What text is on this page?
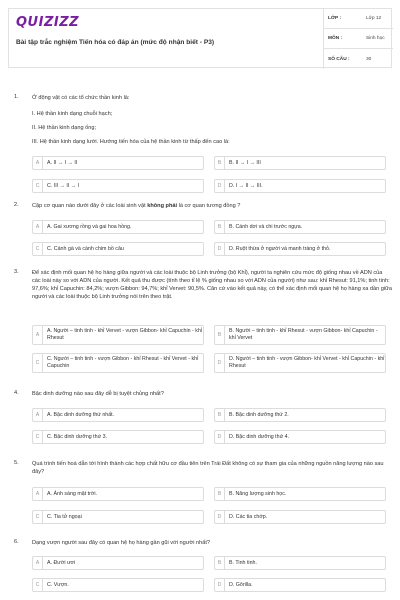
QUIZIZZ
Bài tập trắc nghiệm Tiến hóa có đáp án (mức độ nhận biết - P3)
LỚP :	Lớp 12
MÔN :	Sinh học
SỐ CÂU :	30
1. Ở động vật có các tổ chức thần kinh là:
I. Hệ thần kinh dạng chuỗi hạch;
II. Hệ thần kinh dạng ống;
III. Hệ thần kinh dạng lưới. Hướng tiến hóa của hệ thần kinh từ thấp đến cao là:
A	A. II → I → II	B	B. II → I → III
C	C. III → II → I	D	D. I → II → III.
2. Cặp cơ quan nào dưới đây ở các loài sinh vật không phải là cơ quan tương đồng ?
A	A. Gai xương rồng và gai hoa hồng.	B	B. Cánh dơi và chi trước ngựa.
C	C. Cánh gà và cánh chim bồ câu	D	D. Ruột thừa ở người và manh tràng ở thỏ.
3. Để xác định mối quan hệ họ hàng giữa người và các loài thuộc bộ Linh trưởng (bộ Khỉ), người ta nghiên cứu mức độ giống nhau về ADN của các loài này so với ADN của người. Kết quả thu được (tính theo tỉ lệ % giống nhau so với ADN của người) như sau: khỉ Rhesut: 91,1%; tinh tinh: 97,6%; khỉ Capuchin: 84,2%; vượn Gibbon: 94,7%; khỉ Vervet: 90,5%. Căn cứ vào kết quả này, có thể xác định mối quan hệ họ hàng xa dần giữa người và các loài thuộc bộ Linh trưởng nói trên theo trật.
A
A. Người – tinh tinh - khỉ Vervet - vượn Gibbon- khỉ Capuchin - khỉ Rhesut	B
B. Người – tinh tinh - khỉ Rhesut - vượn Gibbon- khỉ Capuchin - khỉ Vervet
C
C. Người – tinh tinh - vượn Gibbon - khỉ Rhesut - khỉ Vervet - khỉ Capuchin	D
D. Người – tinh tinh - vượn Gibbon- khỉ Vervet - khỉ Capuchin - khỉ Rhesut
4. Bậc dinh dưỡng nào sau đây dễ bị tuyệt chủng nhất?
A	A. Bậc dinh dưỡng thứ nhất.	B	B. Bậc dinh dưỡng thứ 2.
C	C. Bậc dinh dưỡng thứ 3.	D	D. Bậc dinh dưỡng thứ 4.
5. Quá trình tiến hoá dẫn tới hình thành các hợp chất hữu cơ đầu tiên trên Trái Đất không có sự tham gia của những nguồn năng lượng nào sau đây?
A	A. Ánh sáng mặt trời.	B	B. Năng lượng sinh học.
C	C. Tia tử ngoại	D	D. Các tia chớp.
6. Dạng vượn người sau đây có quan hệ họ hàng gần gũi với người nhất?
A	A. Đười ươi	B	B. Tinh tinh.
C	C. Vượn.	D	D. Gôrilla.
